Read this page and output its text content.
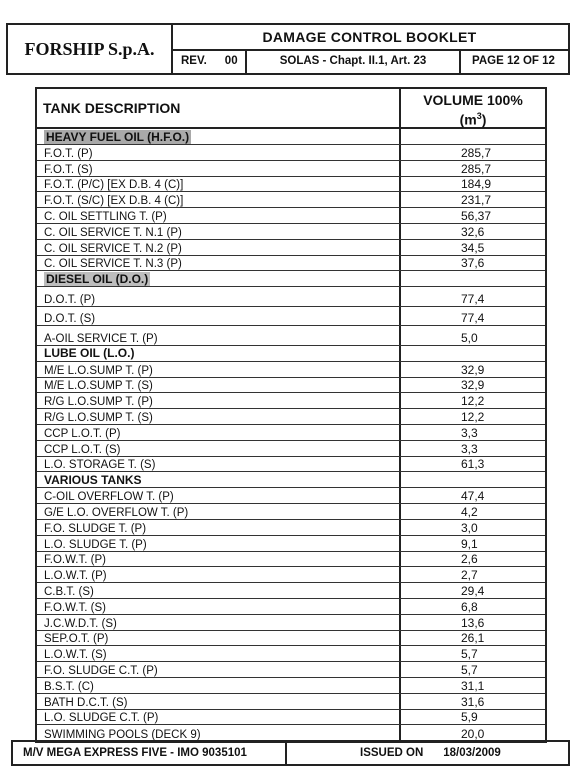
FORSHIP S.p.A.
DAMAGE CONTROL BOOKLET
REV. 00	SOLAS - Chapt. II.1, Art. 23	PAGE 12 OF 12
TANK DESCRIPTION	VOLUME 100%
$(m^3)$
HEAVY FUEL OIL (H.F.O.)
F.O.T. (P)	285,7
F.O.T. (S)	285,7
F.O.T. (P/C) [EX D.B. 4 (C)]	184,9
F.O.T. (S/C) [EX D.B. 4 (C)]	231,7
C. OIL SETTLING T. (P)	56,37
C. OIL SERVICE T. N.1 (P)	32,6
C. OIL SERVICE T. N.2 (P)	34,5
C. OIL SERVICE T. N.3 (P)	37,6
DIESEL OIL (D.O.)
D.O.T. (P)	77,4
D.O.T. (S)	77,4
A-OIL SERVICE T. (P)	5,0
LUBE OIL (L.O.)
M/E L.O.SUMP T. (P)	32,9
M/E L.O.SUMP T. (S)	32,9
R/G L.O.SUMP T. (P)	12,2
R/G L.O.SUMP T. (S)	12,2
CCP L.O.T. (P)	3,3
CCP L.O.T. (S)	3,3
L.O. STORAGE T. (S)	61,3
VARIOUS TANKS
C-OIL OVERFLOW T. (P)	47,4
G/E L.O. OVERFLOW T. (P)	4,2
F.O. SLUDGE T. (P)	3,0
L.O. SLUDGE T. (P)	9,1
F.O.W.T. (P)	2,6
L.O.W.T. (P)	2,7
C.B.T. (S)	29,4
F.O.W.T. (S)	6,8
J.C.W.D.T. (S)	13,6
SEP.O.T. (P)	26,1
L.O.W.T. (S)	5,7
F.O. SLUDGE C.T. (P)	5,7
B.S.T. (C)	31,1
BATH D.C.T. (S)	31,6
L.O. SLUDGE C.T. (P)	5,9
SWIMMING POOLS (DECK 9)	20,0
M/V MEGA EXPRESS FIVE - IMO 9035101	ISSUED ON 18/03/2009
